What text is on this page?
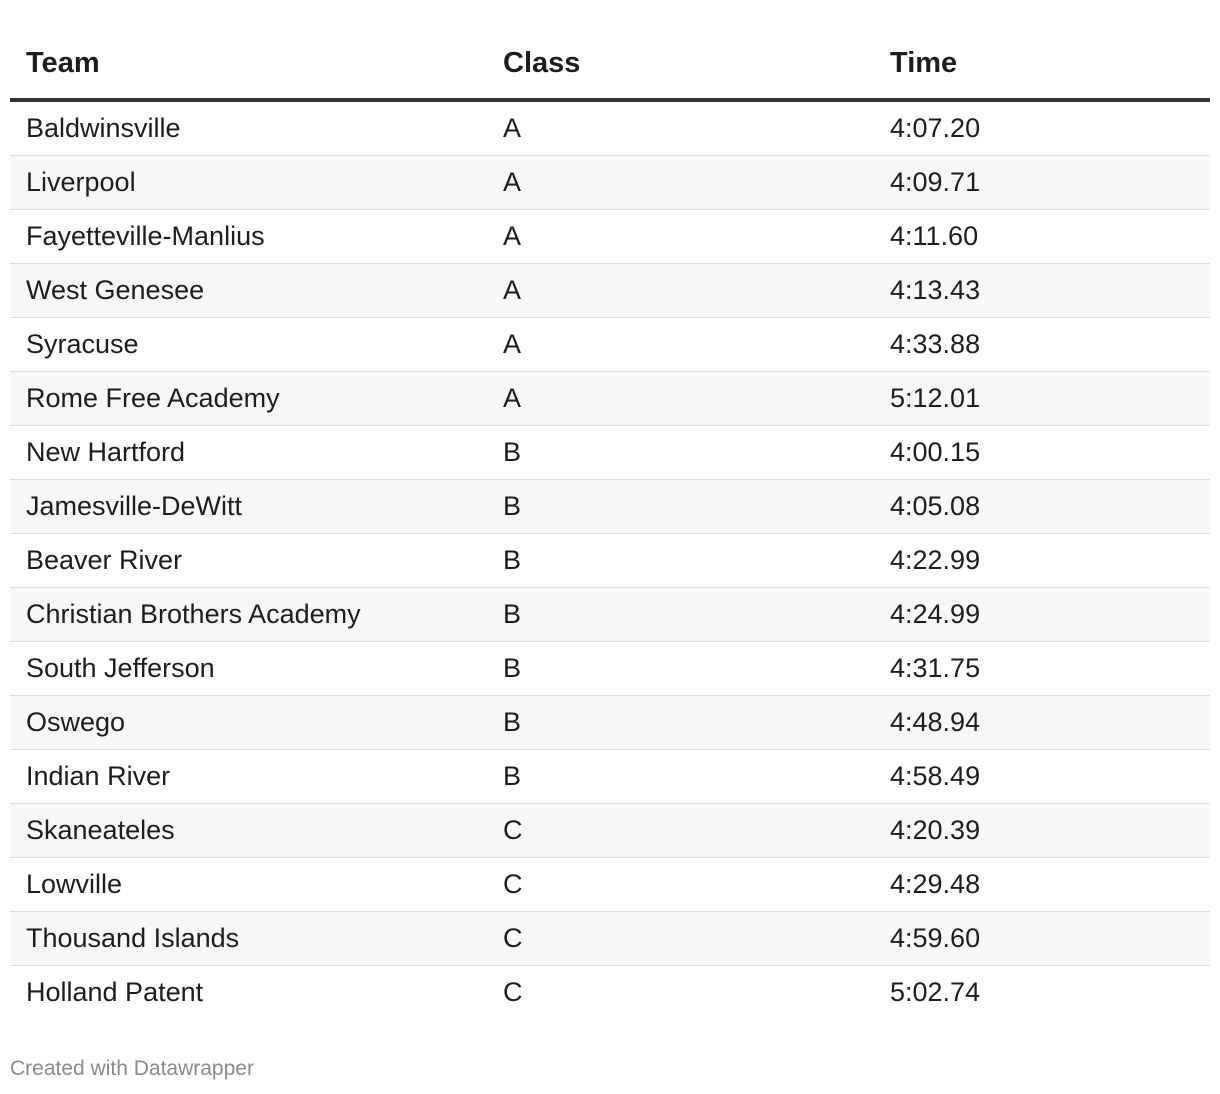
Team	Class	Time
Baldwinsville	A	4:07.20
Liverpool	A	4:09.71
Fayetteville-Manlius	A	4:11.60
West Genesee	A	4:13.43
Syracuse	A	4:33.88
Rome Free Academy	A	5:12.01
New Hartford	B	4:00.15
Jamesville-DeWitt	B	4:05.08
Beaver River	B	4:22.99
Christian Brothers Academy	B	4:24.99
South Jefferson	B	4:31.75
Oswego	B	4:48.94
Indian River	B	4:58.49
Skaneateles	C	4:20.39
Lowville	C	4:29.48
Thousand Islands	C	4:59.60
Holland Patent	C	5:02.74
Created with Datawrapper
